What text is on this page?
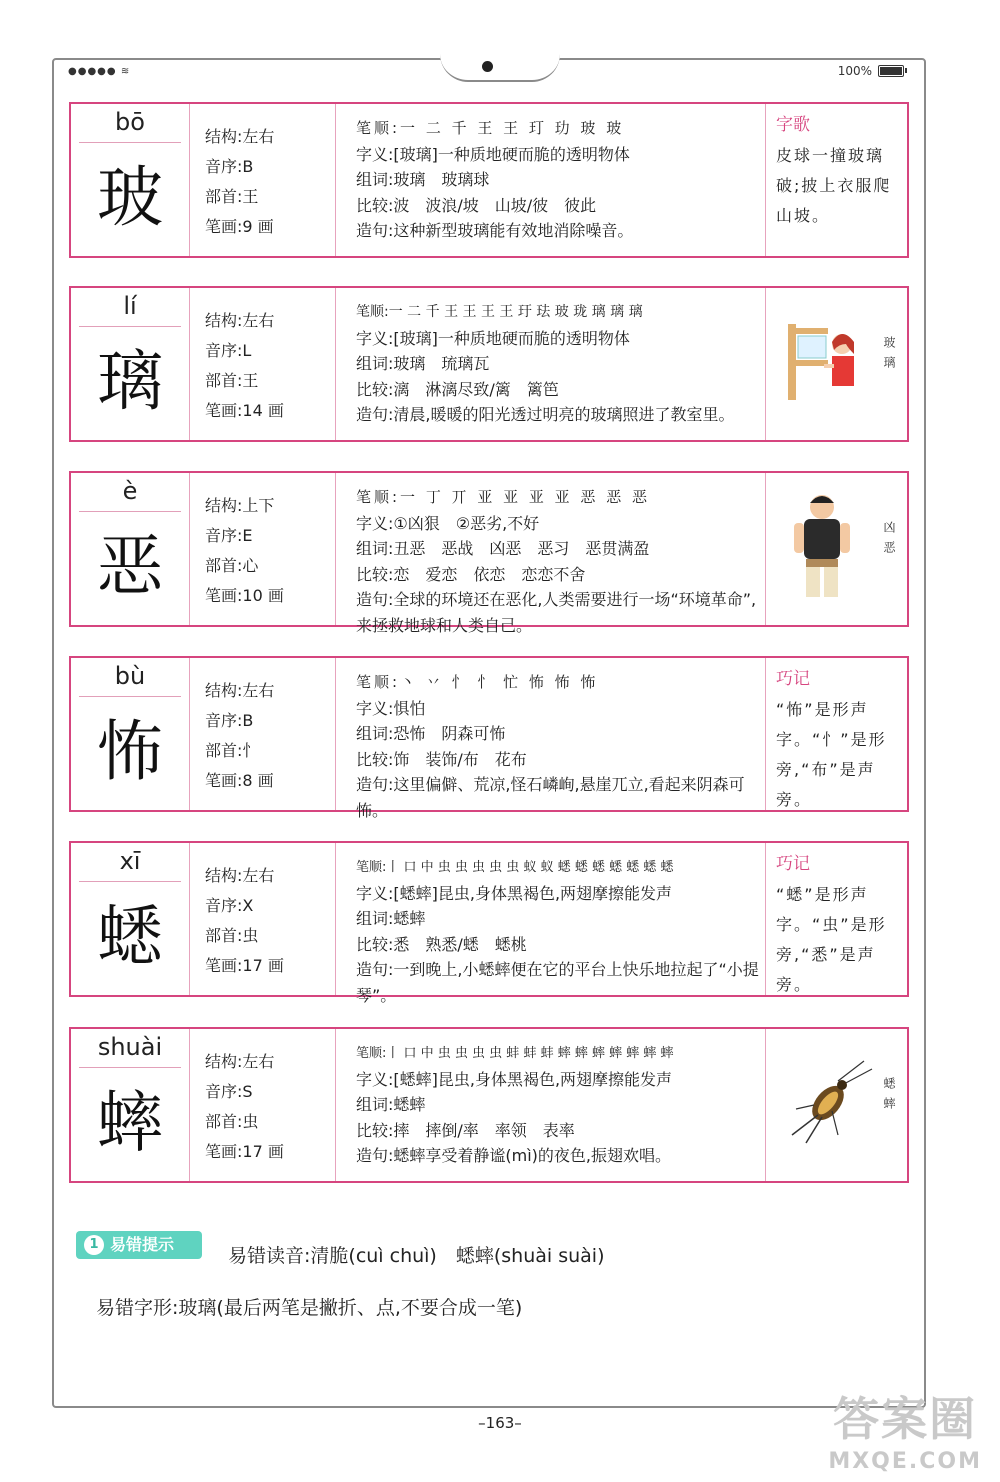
●●●●● ≋	100%
bō
玻
结构:左右
音序:B
部首:王
笔画:9 画
笔顺:一 二 千 王 王 玎 玏 玻 玻
字义:[玻璃]一种质地硬而脆的透明物体
组词:玻璃　玻璃球
比较:波　波浪/坡　山坡/彼　彼此
造句:这种新型玻璃能有效地消除噪音。
字歌
皮球一撞玻璃破;披上衣服爬山坡。
lí
璃
结构:左右
音序:L
部首:王
笔画:14 画
笔顺:一 二 千 王 王 王 王 玗 珐 玻 珑 璃 璃 璃
字义:[玻璃]一种质地硬而脆的透明物体
组词:玻璃　琉璃瓦
比较:漓　淋漓尽致/篱　篱笆
造句:清晨,暖暖的阳光透过明亮的玻璃照进了教室里。
玻璃
è
恶
结构:上下
音序:E
部首:心
笔画:10 画
笔顺:一 丁 丌 亚 亚 亚 亚 恶 恶 恶
字义:①凶狠　②恶劣,不好
组词:丑恶　恶战　凶恶　恶习　恶贯满盈
比较:恋　爱恋　依恋　恋恋不舍
造句:全球的环境还在恶化,人类需要进行一场“环境革命”,来拯救地球和人类自己。
凶恶
bù
怖
结构:左右
音序:B
部首:忄
笔画:8 画
笔顺:丶 丷 忄 忄 忙 怖 怖 怖
字义:惧怕
组词:恐怖　阴森可怖
比较:饰　装饰/布　花布
造句:这里偏僻、荒凉,怪石嶙峋,悬崖兀立,看起来阴森可怖。
巧记
“怖”是形声字。“忄”是形旁,“布”是声旁。
xī
蟋
结构:左右
音序:X
部首:虫
笔画:17 画
笔顺:丨 口 中 虫 虫 虫 虫 虫 蚁 蚁 蟋 蟋 蟋 蟋 蟋 蟋 蟋
字义:[蟋蟀]昆虫,身体黑褐色,两翅摩擦能发声
组词:蟋蟀
比较:悉　熟悉/蟋　蟋桃
造句:一到晚上,小蟋蟀便在它的平台上快乐地拉起了“小提琴”。
巧记
“蟋”是形声字。“虫”是形旁,“悉”是声旁。
shuài
蟀
结构:左右
音序:S
部首:虫
笔画:17 画
笔顺:丨 口 中 虫 虫 虫 虫 蚌 蚌 蚌 蟀 蟀 蟀 蟀 蟀 蟀 蟀
字义:[蟋蟀]昆虫,身体黑褐色,两翅摩擦能发声
组词:蟋蟀
比较:摔　摔倒/率　率领　表率
造句:蟋蟀享受着静谧(mì)的夜色,振翅欢唱。
蟋蟀
1 易错提示
易错读音:清脆(cuì chuì)　蟋蟀(shuài suài)
易错字形:玻璃(最后两笔是撇折、点,不要合成一笔)
–163–	答案圈
MXQE.COM
